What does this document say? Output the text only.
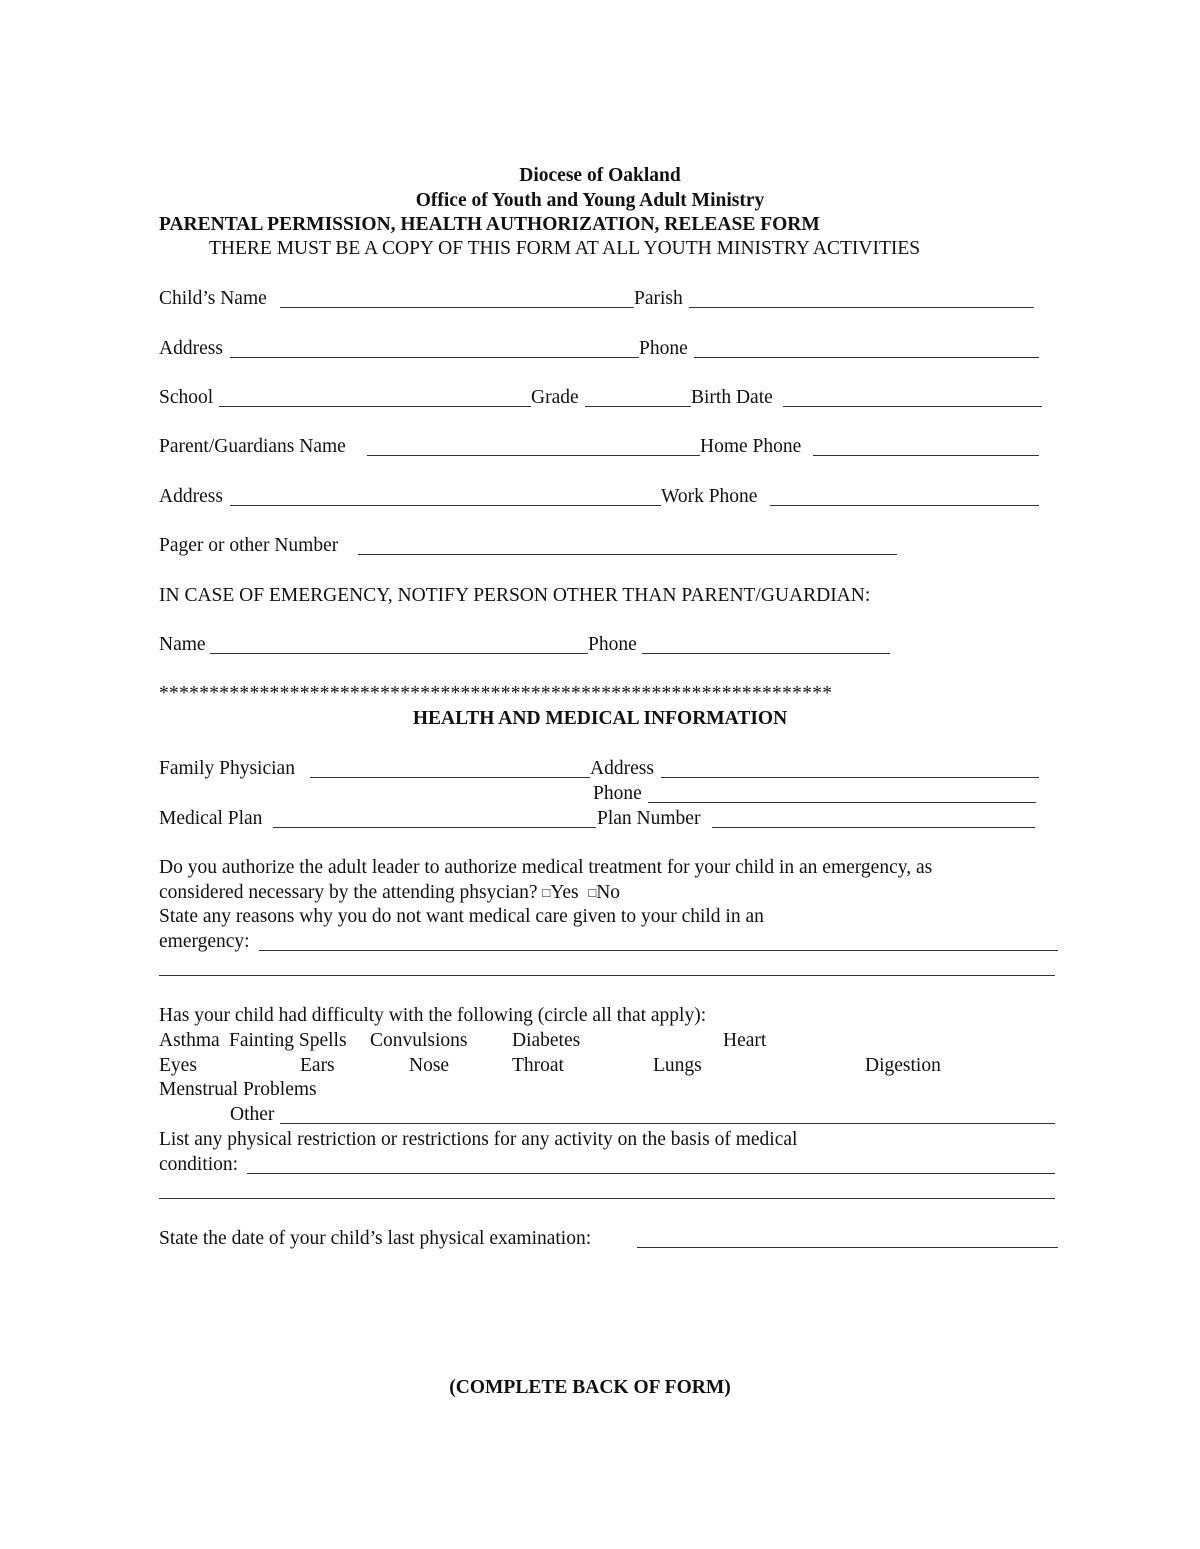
Diocese of Oakland
Office of Youth and Young Adult Ministry
PARENTAL PERMISSION, HEALTH AUTHORIZATION, RELEASE FORM
THERE MUST BE A COPY OF THIS FORM AT ALL YOUTH MINISTRY ACTIVITIES
Child’s Name	Parish
Address	Phone
School	Grade	Birth Date
Parent/Guardians Name	Home Phone
Address	Work Phone
Pager or other Number
IN CASE OF EMERGENCY, NOTIFY PERSON OTHER THAN PARENT/GUARDIAN:
Name	Phone
*******************************************************************
HEALTH AND MEDICAL INFORMATION
Family Physician	Address
Phone
Medical Plan	Plan Number
Do you authorize the adult leader to authorize medical treatment for your child in an emergency, as
considered necessary by the attending phsycian? □Yes □No
State any reasons why you do not want medical care given to your child in an
emergency:
Has your child had difficulty with the following (circle all that apply):
Asthma Fainting Spells Convulsions Diabetes	Heart
Eyes	Ears	Nose	Throat	Lungs	Digestion
Menstrual Problems
Other
List any physical restriction or restrictions for any activity on the basis of medical
condition:
State the date of your child’s last physical examination:
(COMPLETE BACK OF FORM)
